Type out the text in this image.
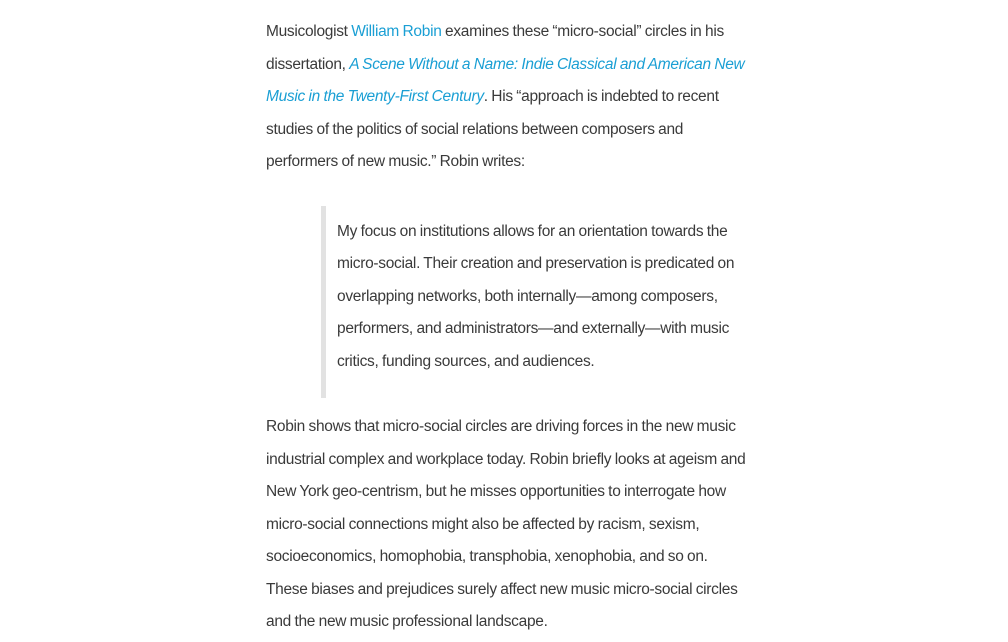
Musicologist William Robin examines these “micro-social” circles in his dissertation, A Scene Without a Name: Indie Classical and American New Music in the Twenty-First Century. His “approach is indebted to recent studies of the politics of social relations between composers and performers of new music.” Robin writes:

My focus on institutions allows for an orientation towards the micro-social. Their creation and preservation is predicated on overlapping networks, both internally—among composers, performers, and administrators—and externally—with music critics, funding sources, and audiences.

Robin shows that micro-social circles are driving forces in the new music industrial complex and workplace today. Robin briefly looks at ageism and New York geo-centrism, but he misses opportunities to interrogate how micro-social connections might also be affected by racism, sexism, socioeconomics, homophobia, transphobia, xenophobia, and so on. These biases and prejudices surely affect new music micro-social circles and the new music professional landscape.
